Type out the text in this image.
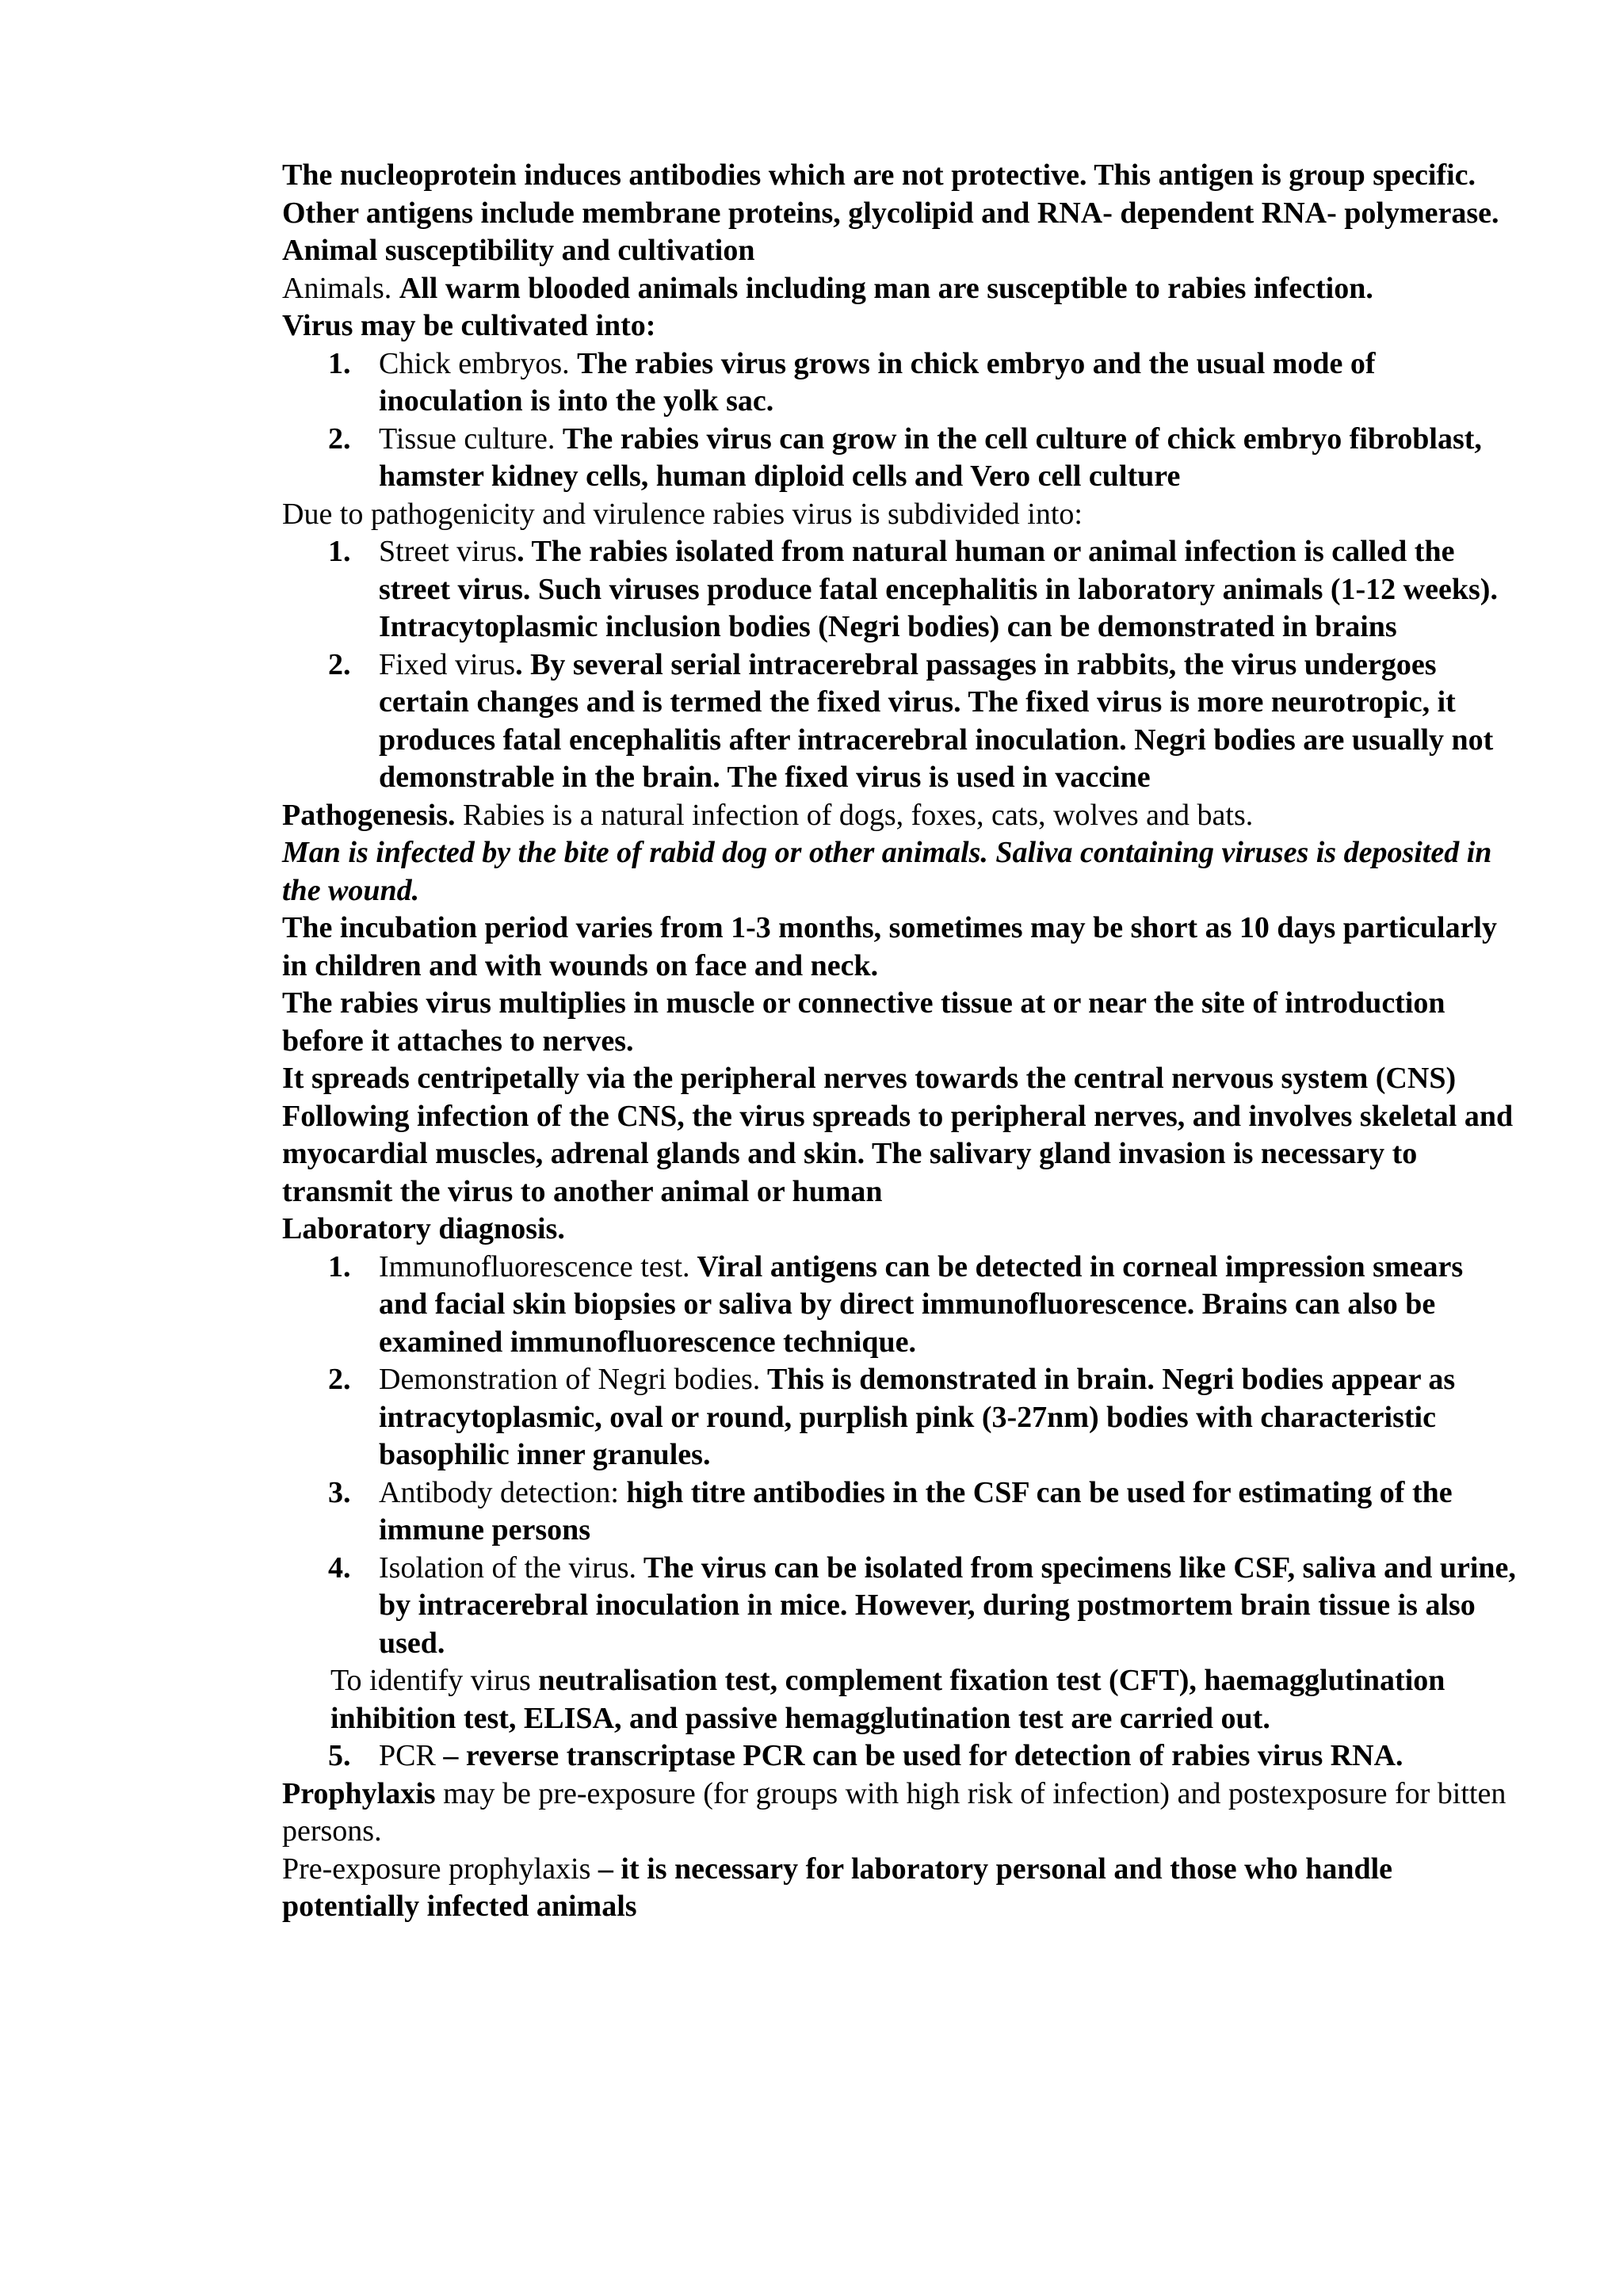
The nucleoprotein induces antibodies which are not protective. This antigen is group specific. Other antigens include membrane proteins, glycolipid and RNA- dependent RNA- polymerase.

Animal susceptibility and cultivation

Animals. All warm blooded animals including man are susceptible to rabies infection.

Virus may be cultivated into:

1. Chick embryos. The rabies virus grows in chick embryo and the usual mode of inoculation is into the yolk sac.
2. Tissue culture. The rabies virus can grow in the cell culture of chick embryo fibroblast, hamster kidney cells, human diploid cells and Vero cell culture

Due to pathogenicity and virulence rabies virus is subdivided into:

1. Street virus. The rabies isolated from natural human or animal infection is called the street virus. Such viruses produce fatal encephalitis in laboratory animals (1-12 weeks). Intracytoplasmic inclusion bodies (Negri bodies) can be demonstrated in brains
2. Fixed virus. By several serial intracerebral passages in rabbits, the virus undergoes certain changes and is termed the fixed virus. The fixed virus is more neurotropic, it produces fatal encephalitis after intracerebral inoculation. Negri bodies are usually not demonstrable in the brain. The fixed virus is used in vaccine

Pathogenesis. Rabies is a natural infection of dogs, foxes, cats, wolves and bats.

Man is infected by the bite of rabid dog or other animals. Saliva containing viruses is deposited in the wound.

The incubation period varies from 1-3 months, sometimes may be short as 10 days particularly in children and with wounds on face and neck.

The rabies virus multiplies in muscle or connective tissue at or near the site of introduction before it attaches to nerves.

It spreads centripetally via the peripheral nerves towards the central nervous system (CNS)

Following infection of the CNS, the virus spreads to peripheral nerves, and involves skeletal and myocardial muscles, adrenal glands and skin. The salivary gland invasion is necessary to transmit the virus to another animal or human

Laboratory diagnosis.

1. Immunofluorescence test. Viral antigens can be detected in corneal impression smears and facial skin biopsies or saliva by direct immunofluorescence. Brains can also be examined immunofluorescence technique.
2. Demonstration of Negri bodies. This is demonstrated in brain. Negri bodies appear as intracytoplasmic, oval or round, purplish pink (3-27nm) bodies with characteristic basophilic inner granules.
3. Antibody detection: high titre antibodies in the CSF can be used for estimating of the immune persons
4. Isolation of the virus. The virus can be isolated from specimens like CSF, saliva and urine, by intracerebral inoculation in mice. However, during postmortem brain tissue is also used.

To identify virus neutralisation test, complement fixation test (CFT), haemagglutination inhibition test, ELISA, and passive hemagglutination test are carried out.

5. PCR – reverse transcriptase PCR can be used for detection of rabies virus RNA.

Prophylaxis may be pre-exposure (for groups with high risk of infection) and postexposure for bitten persons.

Pre-exposure prophylaxis – it is necessary for laboratory personal and those who handle potentially infected animals
